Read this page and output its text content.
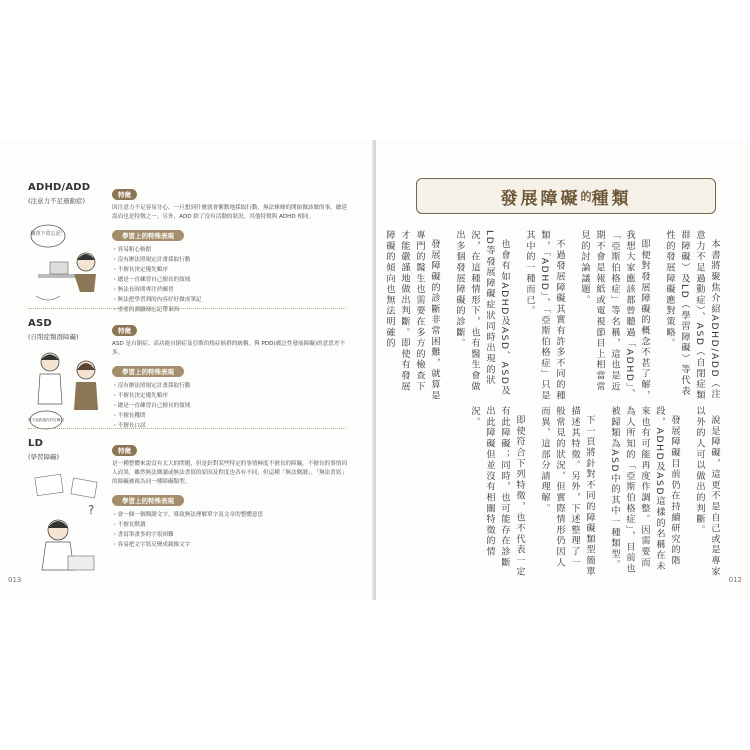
ADHD/ADD
(注意力不足過動症)
檢查下常忘記！
特徵
因注意力不足容易分心，一旦想到什麼就會衝動地採取行動，無法條條的開始做該做的事，總延誤而也是特徵之一。另外，ADD 除了沒有活動的狀況，其他特徵與 ADHD 相同。
學習上的特殊表現
・容易粗心較錯
・沒有辦法照規定計畫採取行動
・不擅長決定優先順序
・總是一直練習自己擅長的領域
・無法長時間專注於練習
・無法把學習到的內容好好做成筆記
・重要的測驗卻忘記帶東西
ASD
(自閉症類群障礙)
對不起我還沒好好練習
特徵
ASD 是自閉症、高功能自閉症及亞斯伯格症候群的統稱。與 PDD(廣泛性發展障礙)的意思差不多。
學習上的特殊表現
・沒有辦法照規定計畫採取行動
・不擅長決定優先順序
・總是一直練習自己擅長的領域
・不擅長穫問
・不擅長口試
LD
(學習障礙)
?
特徵
是一種整體來說沒有太大的問題，但是針對某些特定的事情極度不擅長的障礙。不擅長的事情因人而異，雖然無法閱讀或無法書寫的原因及程度也各有不同，但這種「無法閱讀」、「無法書寫」的障礙被視為同一種障礙類型。
學習上的特殊表現
・會一個一個閱讀文字，導致無法理解單字及文章的整體意思
・不擅長默讀
・書寫筆畫多的字很困難
・容易把文字寫反變成鏡像文字
013
發展障礙 的 種類

本書將聚焦介紹ADHD/ADD（注意力不足過動症）、ASD（自閉症類群障礙）及LD（學習障礙）等代表性的發展障礙應對策略。

即便對發展障礙的概念不甚了解，我想大家應該都曾聽過「ADHD」、「亞斯伯格症」等名稱，這也是近期不會是報紙或電視節目上相當常見的討論議題。

不過發展障礙其實有許多不同的種類，「ADHD」、「亞斯伯格症」只是其中的一種而已。

也會有如ADHD及ASD、ASD及LD等發展障礙症狀同時出現的狀況，在這種情形下，也有醫生會做出多個發展障礙的診斷。

發展障礙的診斷非常困難，就算是專門的醫生也需要在多方的檢查下才能嚴謹地做出判斷。即使有發展障礙的傾向也無法明確的

說是障礙，這更不是自己或是專家以外的人可以做出的判斷。

發展障礙目前仍在持續研究的階段，ADHD及ASD這樣的名稱在未來也有可能再度作調整。因需要而為人所知的「亞斯伯格症」，目前也被歸類為ASD中的其中一種類型。

下一頁將針對不同的障礙類型簡單描述其特徵。另外，下述整理了一般常見的狀況，但實際情形仍因人而異，這部分請理解。

即使符合下列特徵，也不代表一定有此障礙；同時，也可能存在診斷出此障礙但並沒有相關特徵的情況。

012
